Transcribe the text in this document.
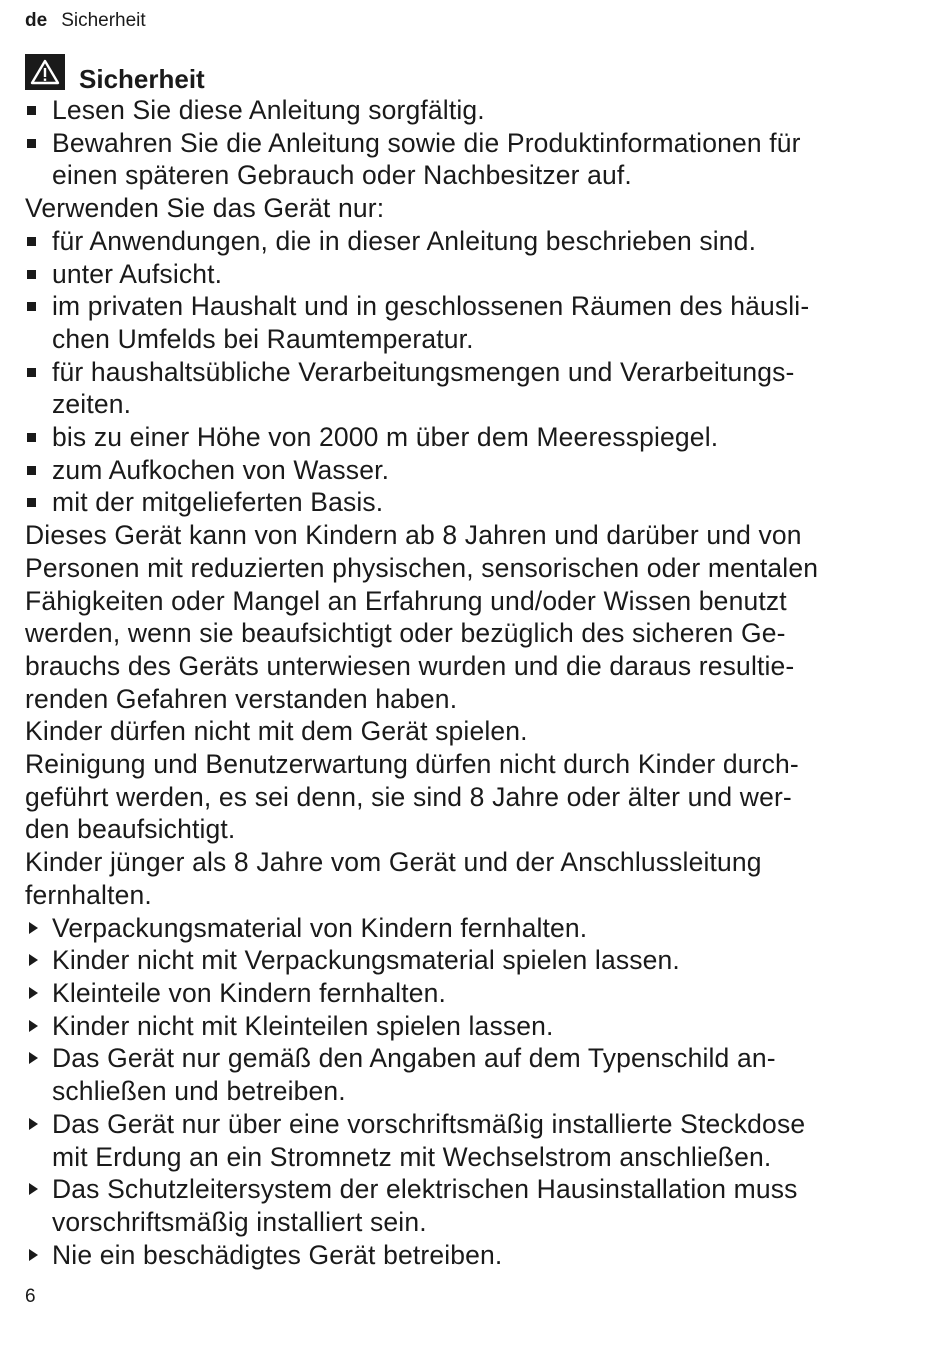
de Sicherheit
Sicherheit
Lesen Sie diese Anleitung sorgfältig.
Bewahren Sie die Anleitung sowie die Produktinformationen für
einen späteren Gebrauch oder Nachbesitzer auf.
Verwenden Sie das Gerät nur:
für Anwendungen, die in dieser Anleitung beschrieben sind.
unter Aufsicht.
im privaten Haushalt und in geschlossenen Räumen des häusli-
chen Umfelds bei Raumtemperatur.
für haushaltsübliche Verarbeitungsmengen und Verarbeitungs-
zeiten.
bis zu einer Höhe von 2000 m über dem Meeresspiegel.
zum Aufkochen von Wasser.
mit der mitgelieferten Basis.
Dieses Gerät kann von Kindern ab 8 Jahren und darüber und von
Personen mit reduzierten physischen, sensorischen oder mentalen
Fähigkeiten oder Mangel an Erfahrung und/oder Wissen benutzt
werden, wenn sie beaufsichtigt oder bezüglich des sicheren Ge-
brauchs des Geräts unterwiesen wurden und die daraus resultie-
renden Gefahren verstanden haben.
Kinder dürfen nicht mit dem Gerät spielen.
Reinigung und Benutzerwartung dürfen nicht durch Kinder durch-
geführt werden, es sei denn, sie sind 8 Jahre oder älter und wer-
den beaufsichtigt.
Kinder jünger als 8 Jahre vom Gerät und der Anschlussleitung
fernhalten.
Verpackungsmaterial von Kindern fernhalten.
Kinder nicht mit Verpackungsmaterial spielen lassen.
Kleinteile von Kindern fernhalten.
Kinder nicht mit Kleinteilen spielen lassen.
Das Gerät nur gemäß den Angaben auf dem Typenschild an-
schließen und betreiben.
Das Gerät nur über eine vorschriftsmäßig installierte Steckdose
mit Erdung an ein Stromnetz mit Wechselstrom anschließen.
Das Schutzleitersystem der elektrischen Hausinstallation muss
vorschriftsmäßig installiert sein.
Nie ein beschädigtes Gerät betreiben.
6
